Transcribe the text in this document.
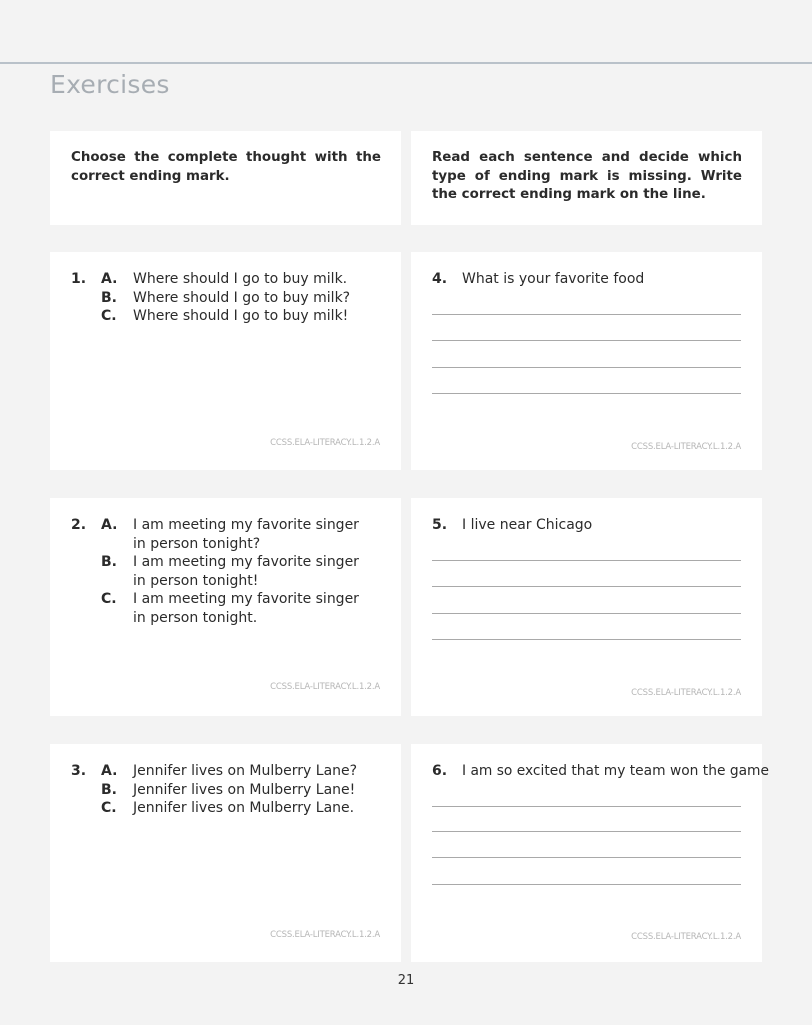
Exercises

Choose the complete thought with the correct ending mark.

Read each sentence and decide which type of ending mark is missing. Write the correct ending mark on the line.

1.	A.	Where should I go to buy milk.
B.	Where should I go to buy milk?
C.	Where should I go to buy milk!
CCSS.ELA-LITERACY.L.1.2.A
4.	What is your favorite food
CCSS.ELA-LITERACY.L.1.2.A
2.	A.	I am meeting my favorite singer in person tonight?
B.	I am meeting my favorite singer in person tonight!
C.	I am meeting my favorite singer in person tonight.
CCSS.ELA-LITERACY.L.1.2.A
5.	I live near Chicago
CCSS.ELA-LITERACY.L.1.2.A
3.	A.	Jennifer lives on Mulberry Lane?
B.	Jennifer lives on Mulberry Lane!
C.	Jennifer lives on Mulberry Lane.
CCSS.ELA-LITERACY.L.1.2.A
6.	I am so excited that my team won the game
CCSS.ELA-LITERACY.L.1.2.A
21
